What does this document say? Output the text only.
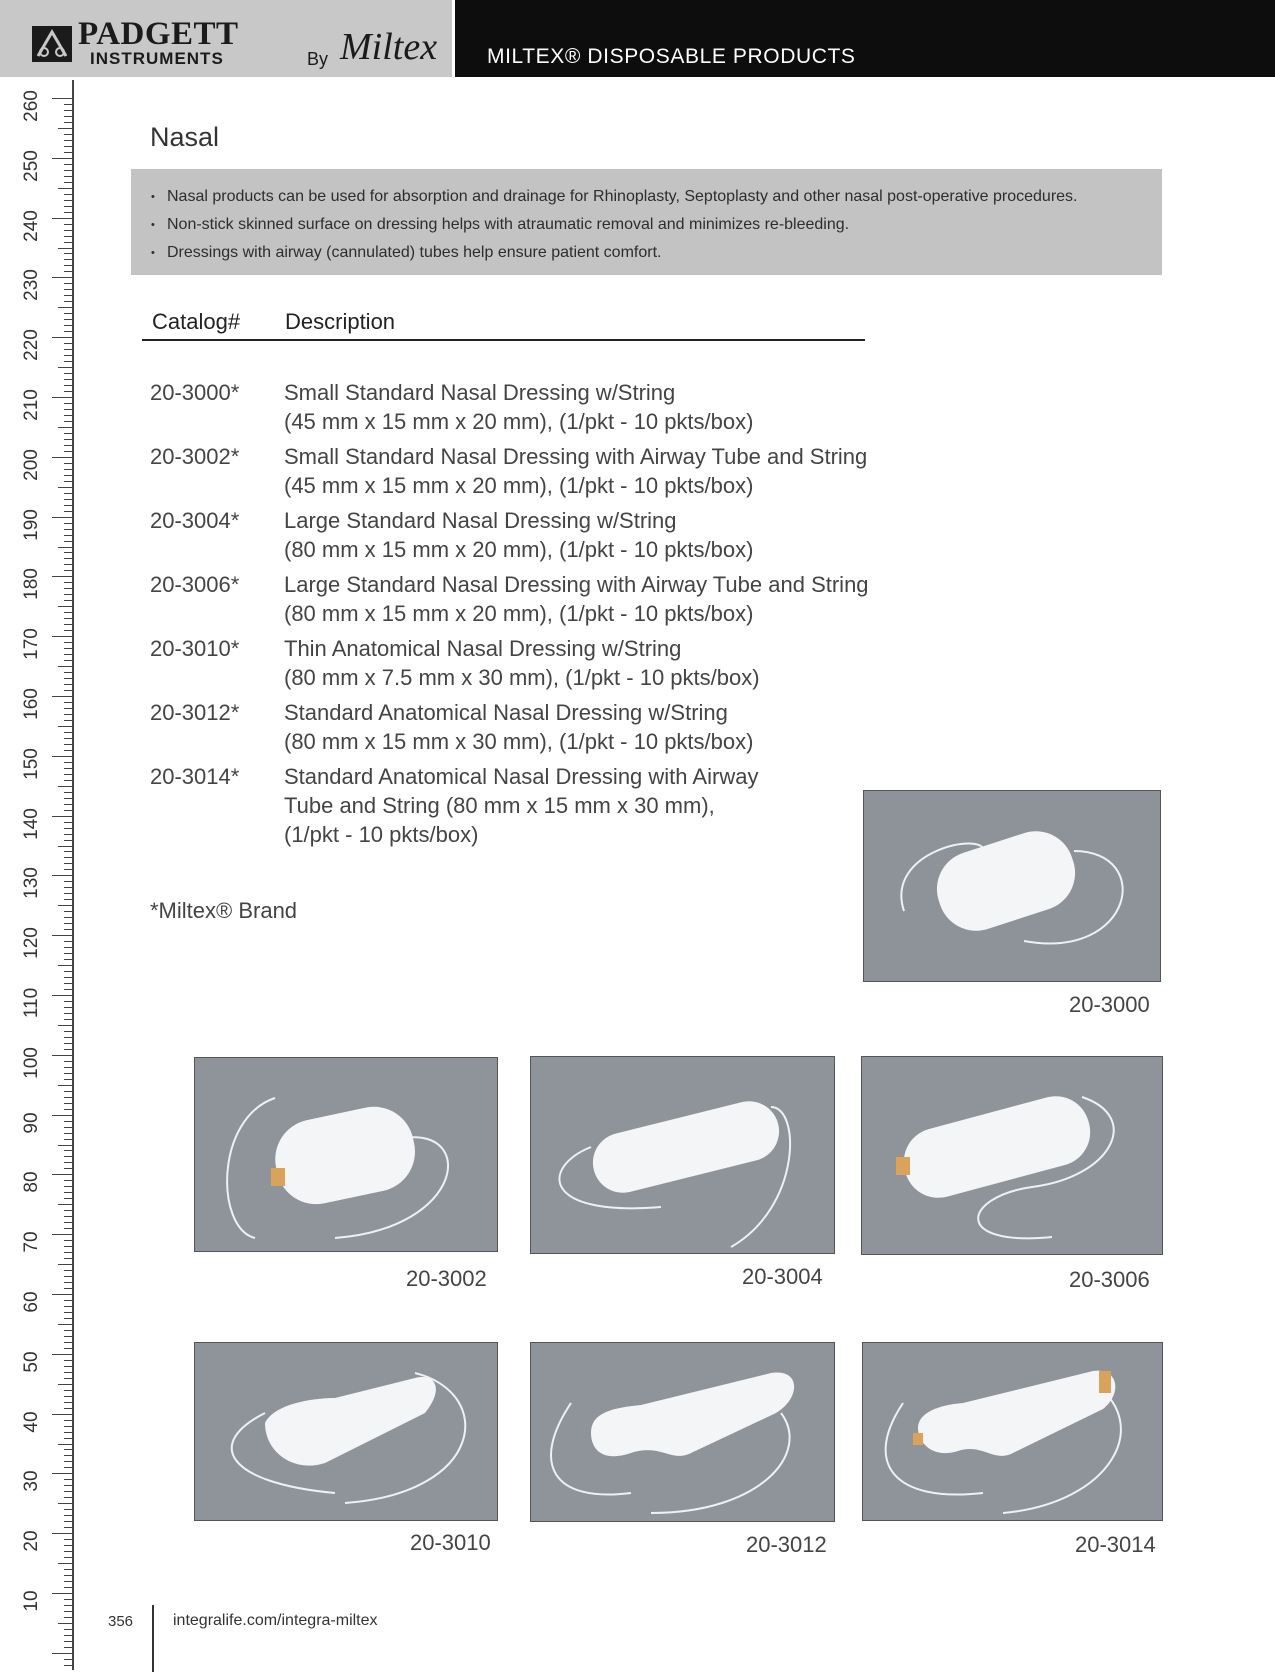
PADGETT
INSTRUMENTS	By Miltex MILTEX® DISPOSABLE PRODUCTS
260
250
240
230
220
210
200
190
180
170
160
150
140
130
120
110
100
90
80
70
60
50
40
30
20
10
Nasal
• Nasal products can be used for absorption and drainage for Rhinoplasty, Septoplasty and other nasal post-operative procedures.
• Non-stick skinned surface on dressing helps with atraumatic removal and minimizes re-bleeding.
• Dressings with airway (cannulated) tubes help ensure patient comfort.
Catalog# Description
20-3000*	Small Standard Nasal Dressing w/String
(45 mm x 15 mm x 20 mm), (1/pkt - 10 pkts/box)
20-3002*	Small Standard Nasal Dressing with Airway Tube and String
(45 mm x 15 mm x 20 mm), (1/pkt - 10 pkts/box)
20-3004*	Large Standard Nasal Dressing w/String
(80 mm x 15 mm x 20 mm), (1/pkt - 10 pkts/box)
20-3006*	Large Standard Nasal Dressing with Airway Tube and String
(80 mm x 15 mm x 20 mm), (1/pkt - 10 pkts/box)
20-3010*	Thin Anatomical Nasal Dressing w/String
(80 mm x 7.5 mm x 30 mm), (1/pkt - 10 pkts/box)
20-3012*	Standard Anatomical Nasal Dressing w/String
(80 mm x 15 mm x 30 mm), (1/pkt - 10 pkts/box)
20-3014*	Standard Anatomical Nasal Dressing with Airway
Tube and String (80 mm x 15 mm x 30 mm),
(1/pkt - 10 pkts/box)
*Miltex® Brand
20-3000
20-3002	20-3004	20-3006
20-3010	20-3012	20-3014
356 integralife.com/integra-miltex
